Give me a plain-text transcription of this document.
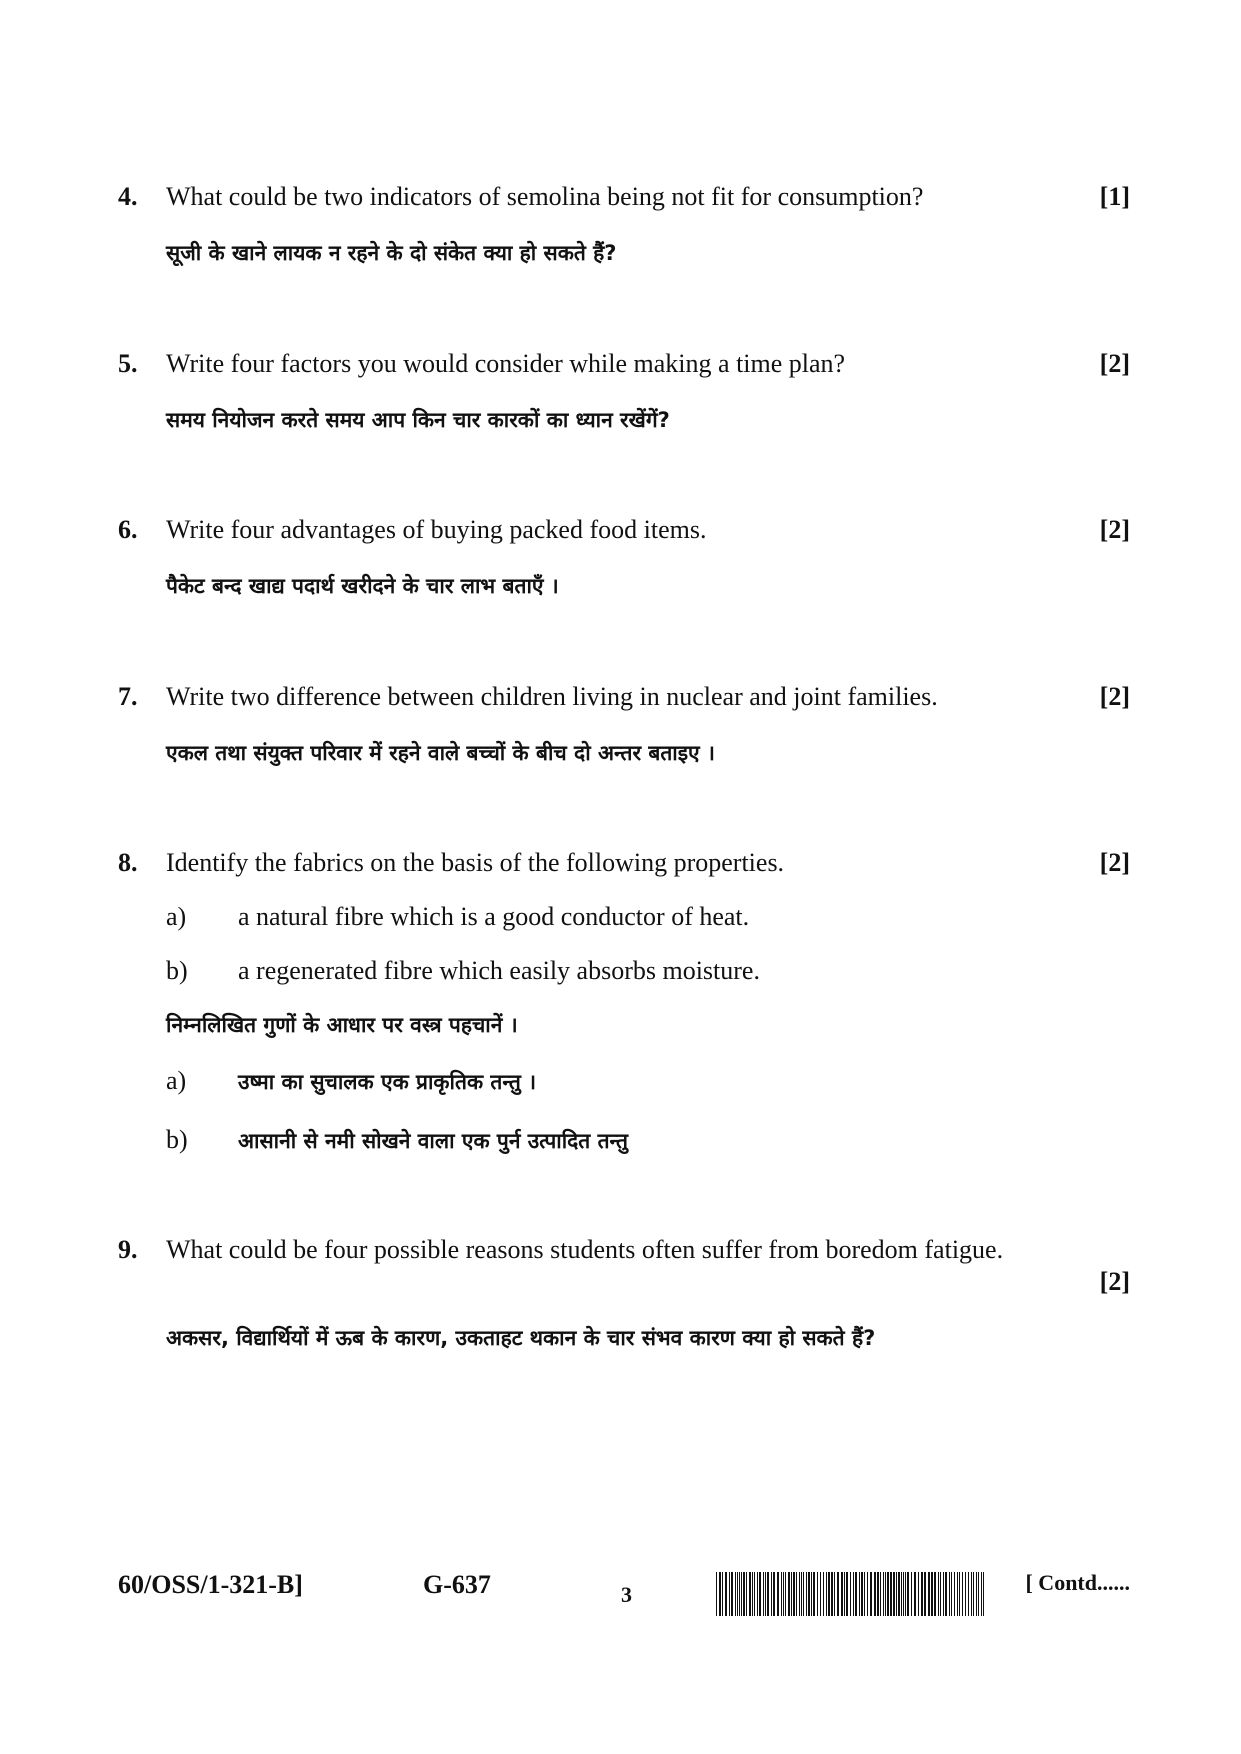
4. What could be two indicators of semolina being not fit for consumption?	[1]
सूजी के खाने लायक न रहने के दो संकेत क्या हो सकते हैं?
5. Write four factors you would consider while making a time plan?	[2]
समय नियोजन करते समय आप किन चार कारकों का ध्यान रखेंगें?
6. Write four advantages of buying packed food items.	[2]
पैकेट बन्द खाद्य पदार्थ खरीदने के चार लाभ बताएँ ।
7. Write two difference between children living in nuclear and joint families.	[2]
एकल तथा संयुक्त परिवार में रहने वाले बच्चों के बीच दो अन्तर बताइए ।
8. Identify the fabrics on the basis of the following properties.	[2]
a) a natural fibre which is a good conductor of heat.
b) a regenerated fibre which easily absorbs moisture.
निम्नलिखित गुणों के आधार पर वस्त्र पहचानें ।
a) उष्मा का सुचालक एक प्राकृतिक तन्तु ।
b) आसानी से नमी सोखने वाला एक पुर्न उत्पादित तन्तु
9. What could be four possible reasons students often suffer from boredom fatigue.
[2]
अकसर, विद्यार्थियों में ऊब के कारण, उकताहट थकान के चार संभव कारण क्या हो सकते हैं?
60/OSS/1-321-B]	G-637	3	[ Contd......
